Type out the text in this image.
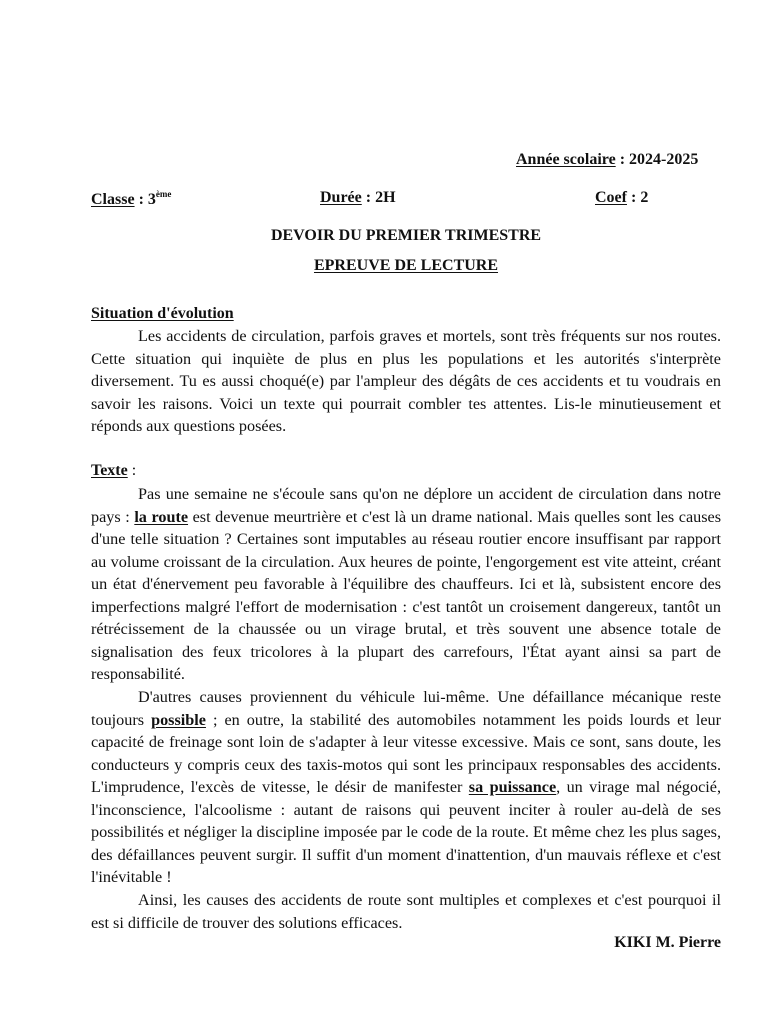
Année scolaire : 2024-2025
Classe : 3ème	Durée : 2H	Coef : 2
DEVOIR DU PREMIER TRIMESTRE
EPREUVE DE LECTURE
Situation d'évolution

Les accidents de circulation, parfois graves et mortels, sont très fréquents sur nos routes. Cette situation qui inquiète de plus en plus les populations et les autorités s'interprète diversement. Tu es aussi choqué(e) par l'ampleur des dégâts de ces accidents et tu voudrais en savoir les raisons. Voici un texte qui pourrait combler tes attentes. Lis-le minutieusement et réponds aux questions posées.

Texte :

Pas une semaine ne s'écoule sans qu'on ne déplore un accident de circulation dans notre pays : la route est devenue meurtrière et c'est là un drame national. Mais quelles sont les causes d'une telle situation ? Certaines sont imputables au réseau routier encore insuffisant par rapport au volume croissant de la circulation. Aux heures de pointe, l'engorgement est vite atteint, créant un état d'énervement peu favorable à l'équilibre des chauffeurs. Ici et là, subsistent encore des imperfections malgré l'effort de modernisation : c'est tantôt un croisement dangereux, tantôt un rétrécissement de la chaussée ou un virage brutal, et très souvent une absence totale de signalisation des feux tricolores à la plupart des carrefours, l'État ayant ainsi sa part de responsabilité.

D'autres causes proviennent du véhicule lui-même. Une défaillance mécanique reste toujours possible ; en outre, la stabilité des automobiles notamment les poids lourds et leur capacité de freinage sont loin de s'adapter à leur vitesse excessive. Mais ce sont, sans doute, les conducteurs y compris ceux des taxis-motos qui sont les principaux responsables des accidents. L'imprudence, l'excès de vitesse, le désir de manifester sa puissance, un virage mal négocié, l'inconscience, l'alcoolisme : autant de raisons qui peuvent inciter à rouler au-delà de ses possibilités et négliger la discipline imposée par le code de la route. Et même chez les plus sages, des défaillances peuvent surgir. Il suffit d'un moment d'inattention, d'un mauvais réflexe et c'est l'inévitable !

Ainsi, les causes des accidents de route sont multiples et complexes et c'est pourquoi il est si difficile de trouver des solutions efficaces.

KIKI M. Pierre
